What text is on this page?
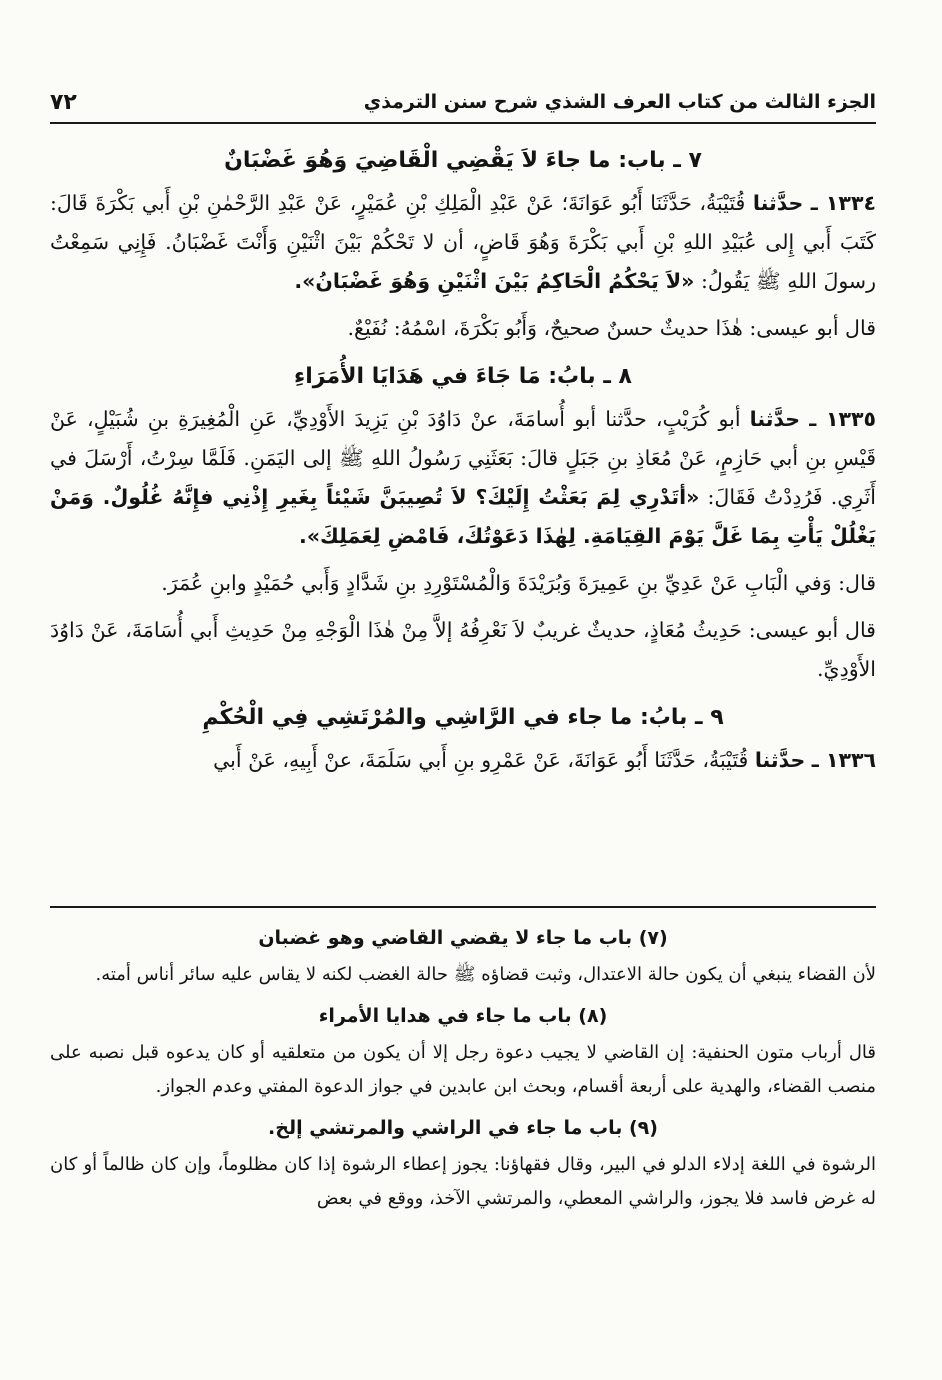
الجزء الثالث من كتاب العرف الشذي شرح سنن الترمذي
٧٢
٧ ـ باب: ما جاءَ لاَ يَقْضِي الْقَاضِيَ وَهُوَ غَضْبَانٌ

١٣٣٤ ـ حدَّثنا قُتَيْبَةُ، حَدَّثَنَا أَبُو عَوَانَةَ؛ عَنْ عَبْدِ الْمَلِكِ بْنِ عُمَيْرٍ، عَنْ عَبْدِ الرَّحْمٰنِ بْنِ أَبي بَكْرَةَ قَالَ: كَتَبَ أَبي إِلى عُبَيْدِ اللهِ بْنِ أَبي بَكْرَةَ وَهُوَ قَاضٍ، أن لا تَحْكُمْ بَيْنَ اثْنَيْنِ وَأَنْتَ غَضْبَانُ. فَإِنِي سَمِعْتُ رسولَ اللهِ ﷺ يَقُولُ: «لاَ يَحْكُمُ الْحَاكِمُ بَيْنَ اثْنَيْنِ وَهُوَ غَضْبَانُ».

قال أبو عيسى: هٰذَا حديثٌ حسنٌ صحيحٌ، وَأَبُو بَكْرَةَ، اسْمُهُ: نُفَيْعٌ.

٨ ـ بابُ: مَا جَاءَ في هَدَايَا الأُمَرَاءِ

١٣٣٥ ـ حدَّثنا أبو كُرَيْبٍ، حدَّثنا أبو أُسامَةَ، عنْ دَاوُدَ بْنِ يَزِيدَ الأَوْدِيِّ، عَنِ الْمُغِيرَةِ بنِ شُبَيْلٍ، عَنْ قَيْسِ بنِ أبي حَازِمٍ، عَنْ مُعَاذِ بنِ جَبَلٍ قالَ: بَعَثَنِي رَسُولُ اللهِ ﷺ إلى اليَمَنِ. فَلَمَّا سِرْتُ، أَرْسَلَ في أَثَرِي. فَرُدِدْتُ فَقَالَ: «أتَدْرِي لِمَ بَعَثْتُ إِلَيْكَ؟ لاَ تُصِيبَنَّ شَيْئاً بِغَيرِ إِذْنِي فإِنَّهُ غُلُولٌ. وَمَنْ يَغْلُلْ يَأْتِ بِمَا غَلَّ يَوْمَ القِيَامَةِ. لِهٰذَا دَعَوْتُكَ، فَامْضِ لِعَمَلِكَ».

قال: وَفي الْبَابِ عَنْ عَدِيِّ بنِ عَمِيرَةَ وَبُرَيْدَةَ وَالْمُسْتَوْرِدِ بنِ شَدَّادٍ وَأَبي حُمَيْدٍ وابنِ عُمَرَ.

قال أبو عيسى: حَدِيثُ مُعَاذٍ، حديثٌ غريبٌ لاَ نَعْرِفُهُ إلاَّ مِنْ هٰذَا الْوَجْهِ مِنْ حَدِيثِ أَبي أُسَامَةَ، عَنْ دَاوُدَ الأَوْدِيِّ.

٩ ـ بابُ: ما جاء في الرَّاشِي والمُرْتَشِي فِي الْحُكْمِ

١٣٣٦ ـ حدَّثنا قُتَيْبَةُ، حَدَّثَنَا أَبُو عَوَانَةَ، عَنْ عَمْرِو بنِ أَبي سَلَمَةَ، عنْ أَبِيهِ، عَنْ أَبي

(٧) باب ما جاء لا يقضي القاضي وهو غضبان

لأن القضاء ينبغي أن يكون حالة الاعتدال، وثبت قضاؤه ﷺ حالة الغضب لكنه لا يقاس عليه سائر أناس أمته.

(٨) باب ما جاء في هدايا الأمراء

قال أرباب متون الحنفية: إن القاضي لا يجيب دعوة رجل إلا أن يكون من متعلقيه أو كان يدعوه قبل نصبه على منصب القضاء، والهدية على أربعة أقسام، وبحث ابن عابدين في جواز الدعوة المفتي وعدم الجواز.

(٩) باب ما جاء في الراشي والمرتشي إلخ.

الرشوة في اللغة إدلاء الدلو في البير، وقال فقهاؤنا: يجوز إعطاء الرشوة إذا كان مظلوماً، وإن كان ظالماً أو كان له غرض فاسد فلا يجوز، والراشي المعطي، والمرتشي الآخذ، ووقع في بعض
